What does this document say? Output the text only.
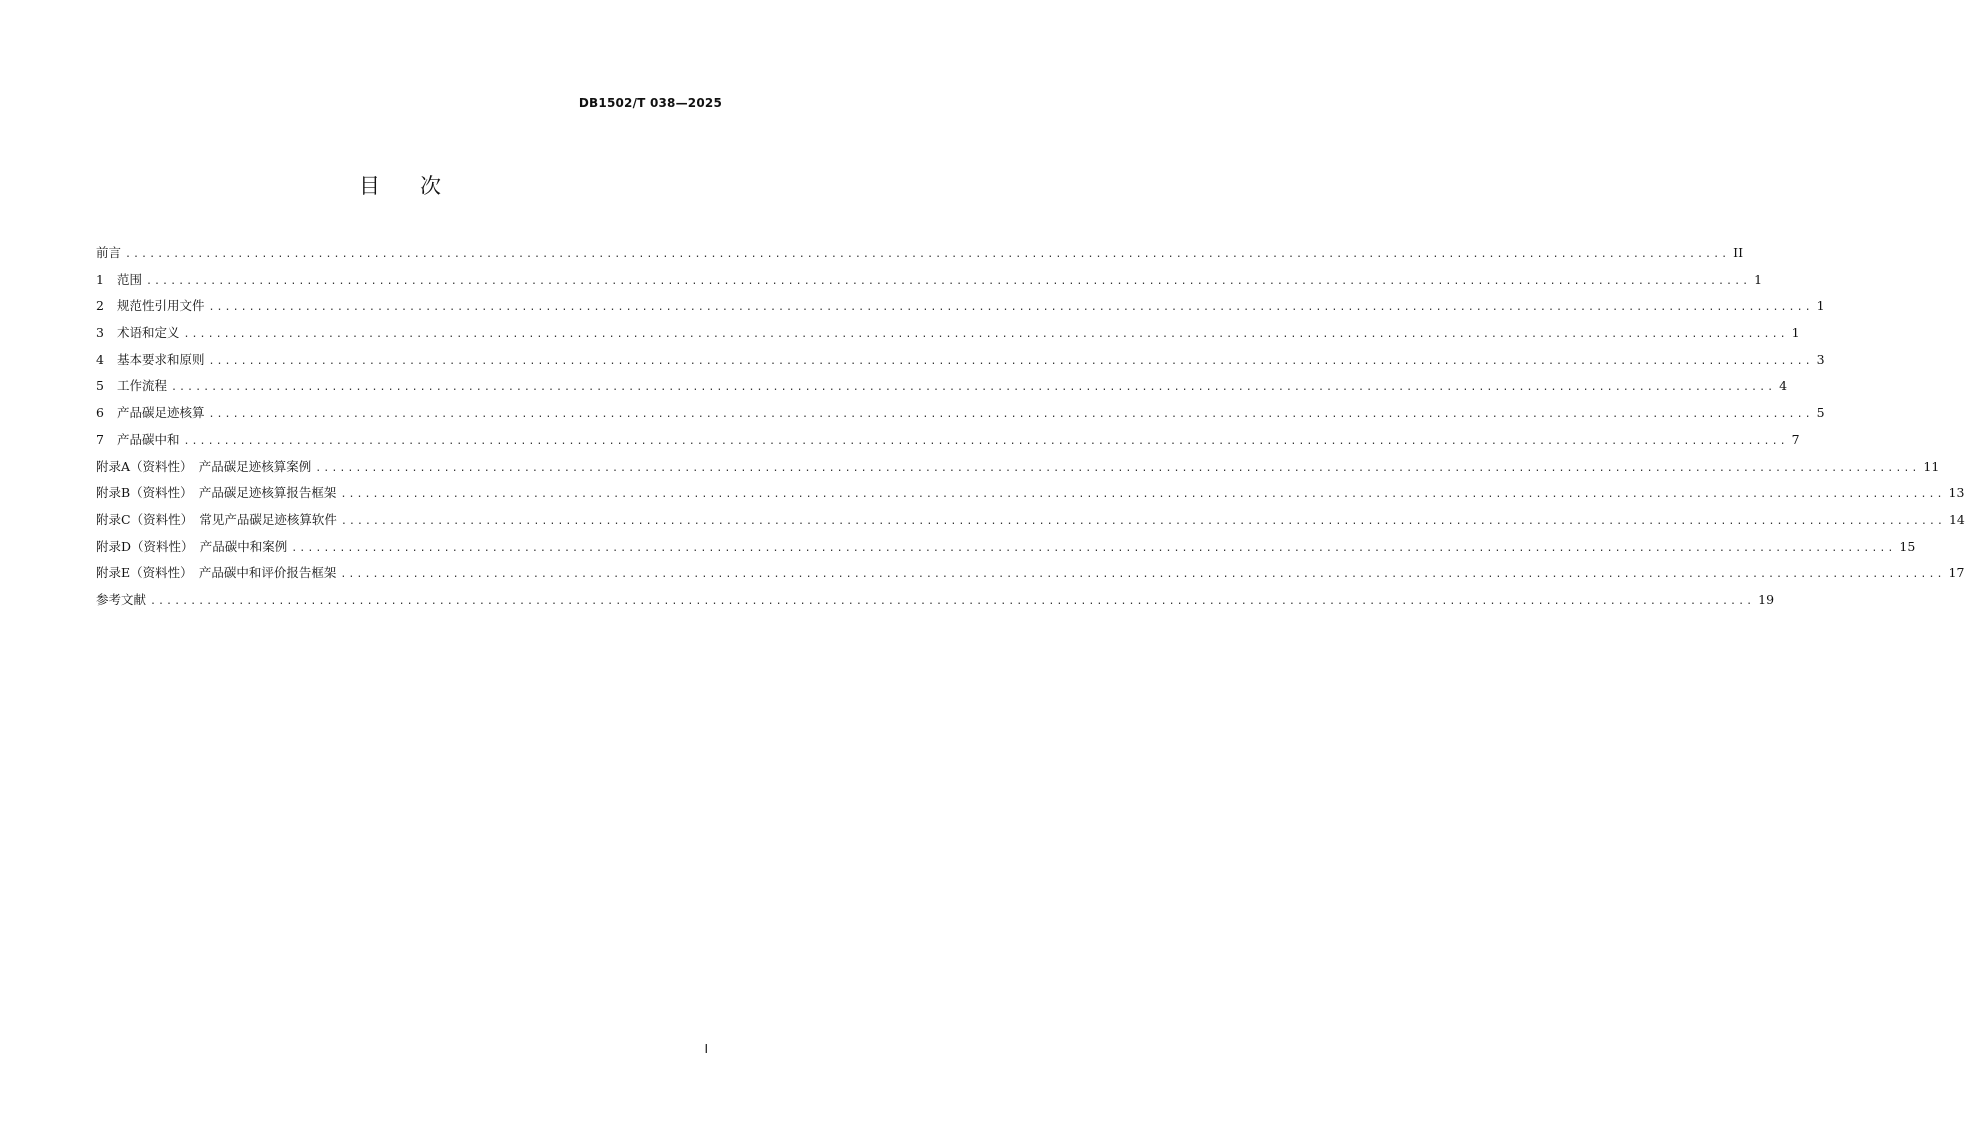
DB1502/T 038—2025
目次
前言 ........................................................................................................................................................................................................ II
1 范围 ........................................................................................................................................................................................................ 1
2 规范性引用文件 ........................................................................................................................................................................................................ 1
3 术语和定义 ........................................................................................................................................................................................................ 1
4 基本要求和原则 ........................................................................................................................................................................................................ 3
5 工作流程 ........................................................................................................................................................................................................ 4
6 产品碳足迹核算 ........................................................................................................................................................................................................ 5
7 产品碳中和 ........................................................................................................................................................................................................ 7
附录A（资料性）　产品碳足迹核算案例 ........................................................................................................................................................................................................ 11
附录B（资料性）　产品碳足迹核算报告框架 ........................................................................................................................................................................................................ 13
附录C（资料性）　常见产品碳足迹核算软件 ........................................................................................................................................................................................................ 14
附录D（资料性）　产品碳中和案例 ........................................................................................................................................................................................................ 15
附录E（资料性）　产品碳中和评价报告框架 ........................................................................................................................................................................................................ 17
参考文献 ........................................................................................................................................................................................................ 19
I
